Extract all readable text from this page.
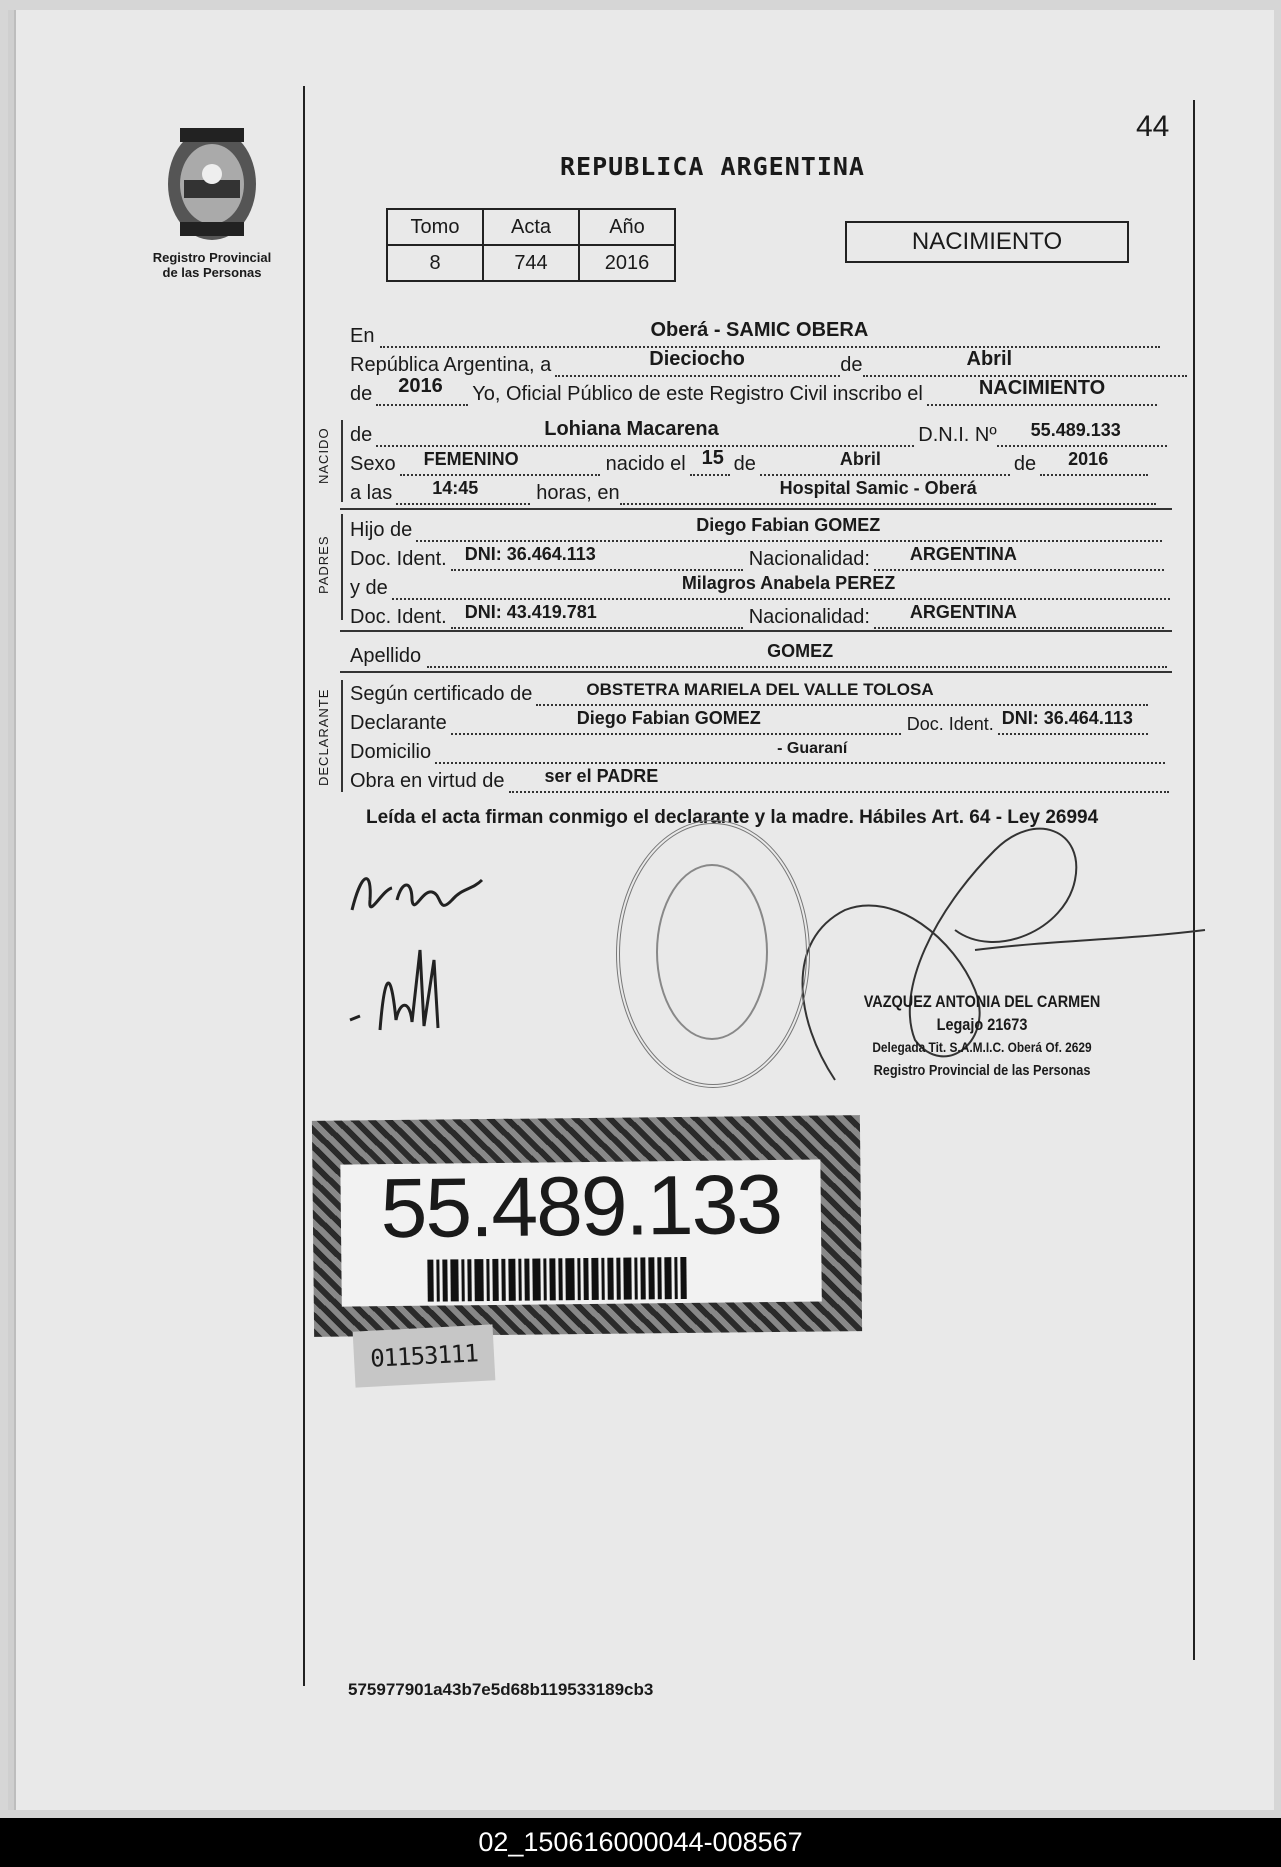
Registro Provincial
de las Personas
44
REPUBLICA ARGENTINA
Tomo	Acta	Año
8	744	2016
NACIMIENTO
En	Oberá - SAMIC OBERA
República Argentina, a	Dieciocho	de	Abril
de 2016 Yo, Oficial Público de este Registro Civil inscribo el	NACIMIENTO
NACIDO de	Lohiana Macarena	D.N.I. Nº 55.489.133
Sexo FEMENINO	nacido el 15 de	Abril	de 2016
a las 14:45	horas, en	Hospital Samic - Oberá
PADRES
Hijo de	Diego Fabian GOMEZ
Doc. Ident. DNI: 36.464.113	Nacionalidad: ARGENTINA
y de	Milagros Anabela PEREZ
Doc. Ident. DNI: 43.419.781	Nacionalidad: ARGENTINA
Apellido	GOMEZ
DECLARANTE Según certificado de	OBSTETRA MARIELA DEL VALLE TOLOSA
Declarante	Diego Fabian GOMEZ	Doc. Ident. DNI: 36.464.113
Domicilio	- Guaraní
Obra en virtud de ser el PADRE
Leída el acta firman conmigo el declarante y la madre. Hábiles Art. 64 - Ley 26994
VAZQUEZ ANTONIA DEL CARMEN
Legajo 21673
Delegada Tit. S.A.M.I.C. Oberá Of. 2629
Registro Provincial de las Personas
55.489.133
01153111
575977901a43b7e5d68b119533189cb3
02_150616000044-008567
